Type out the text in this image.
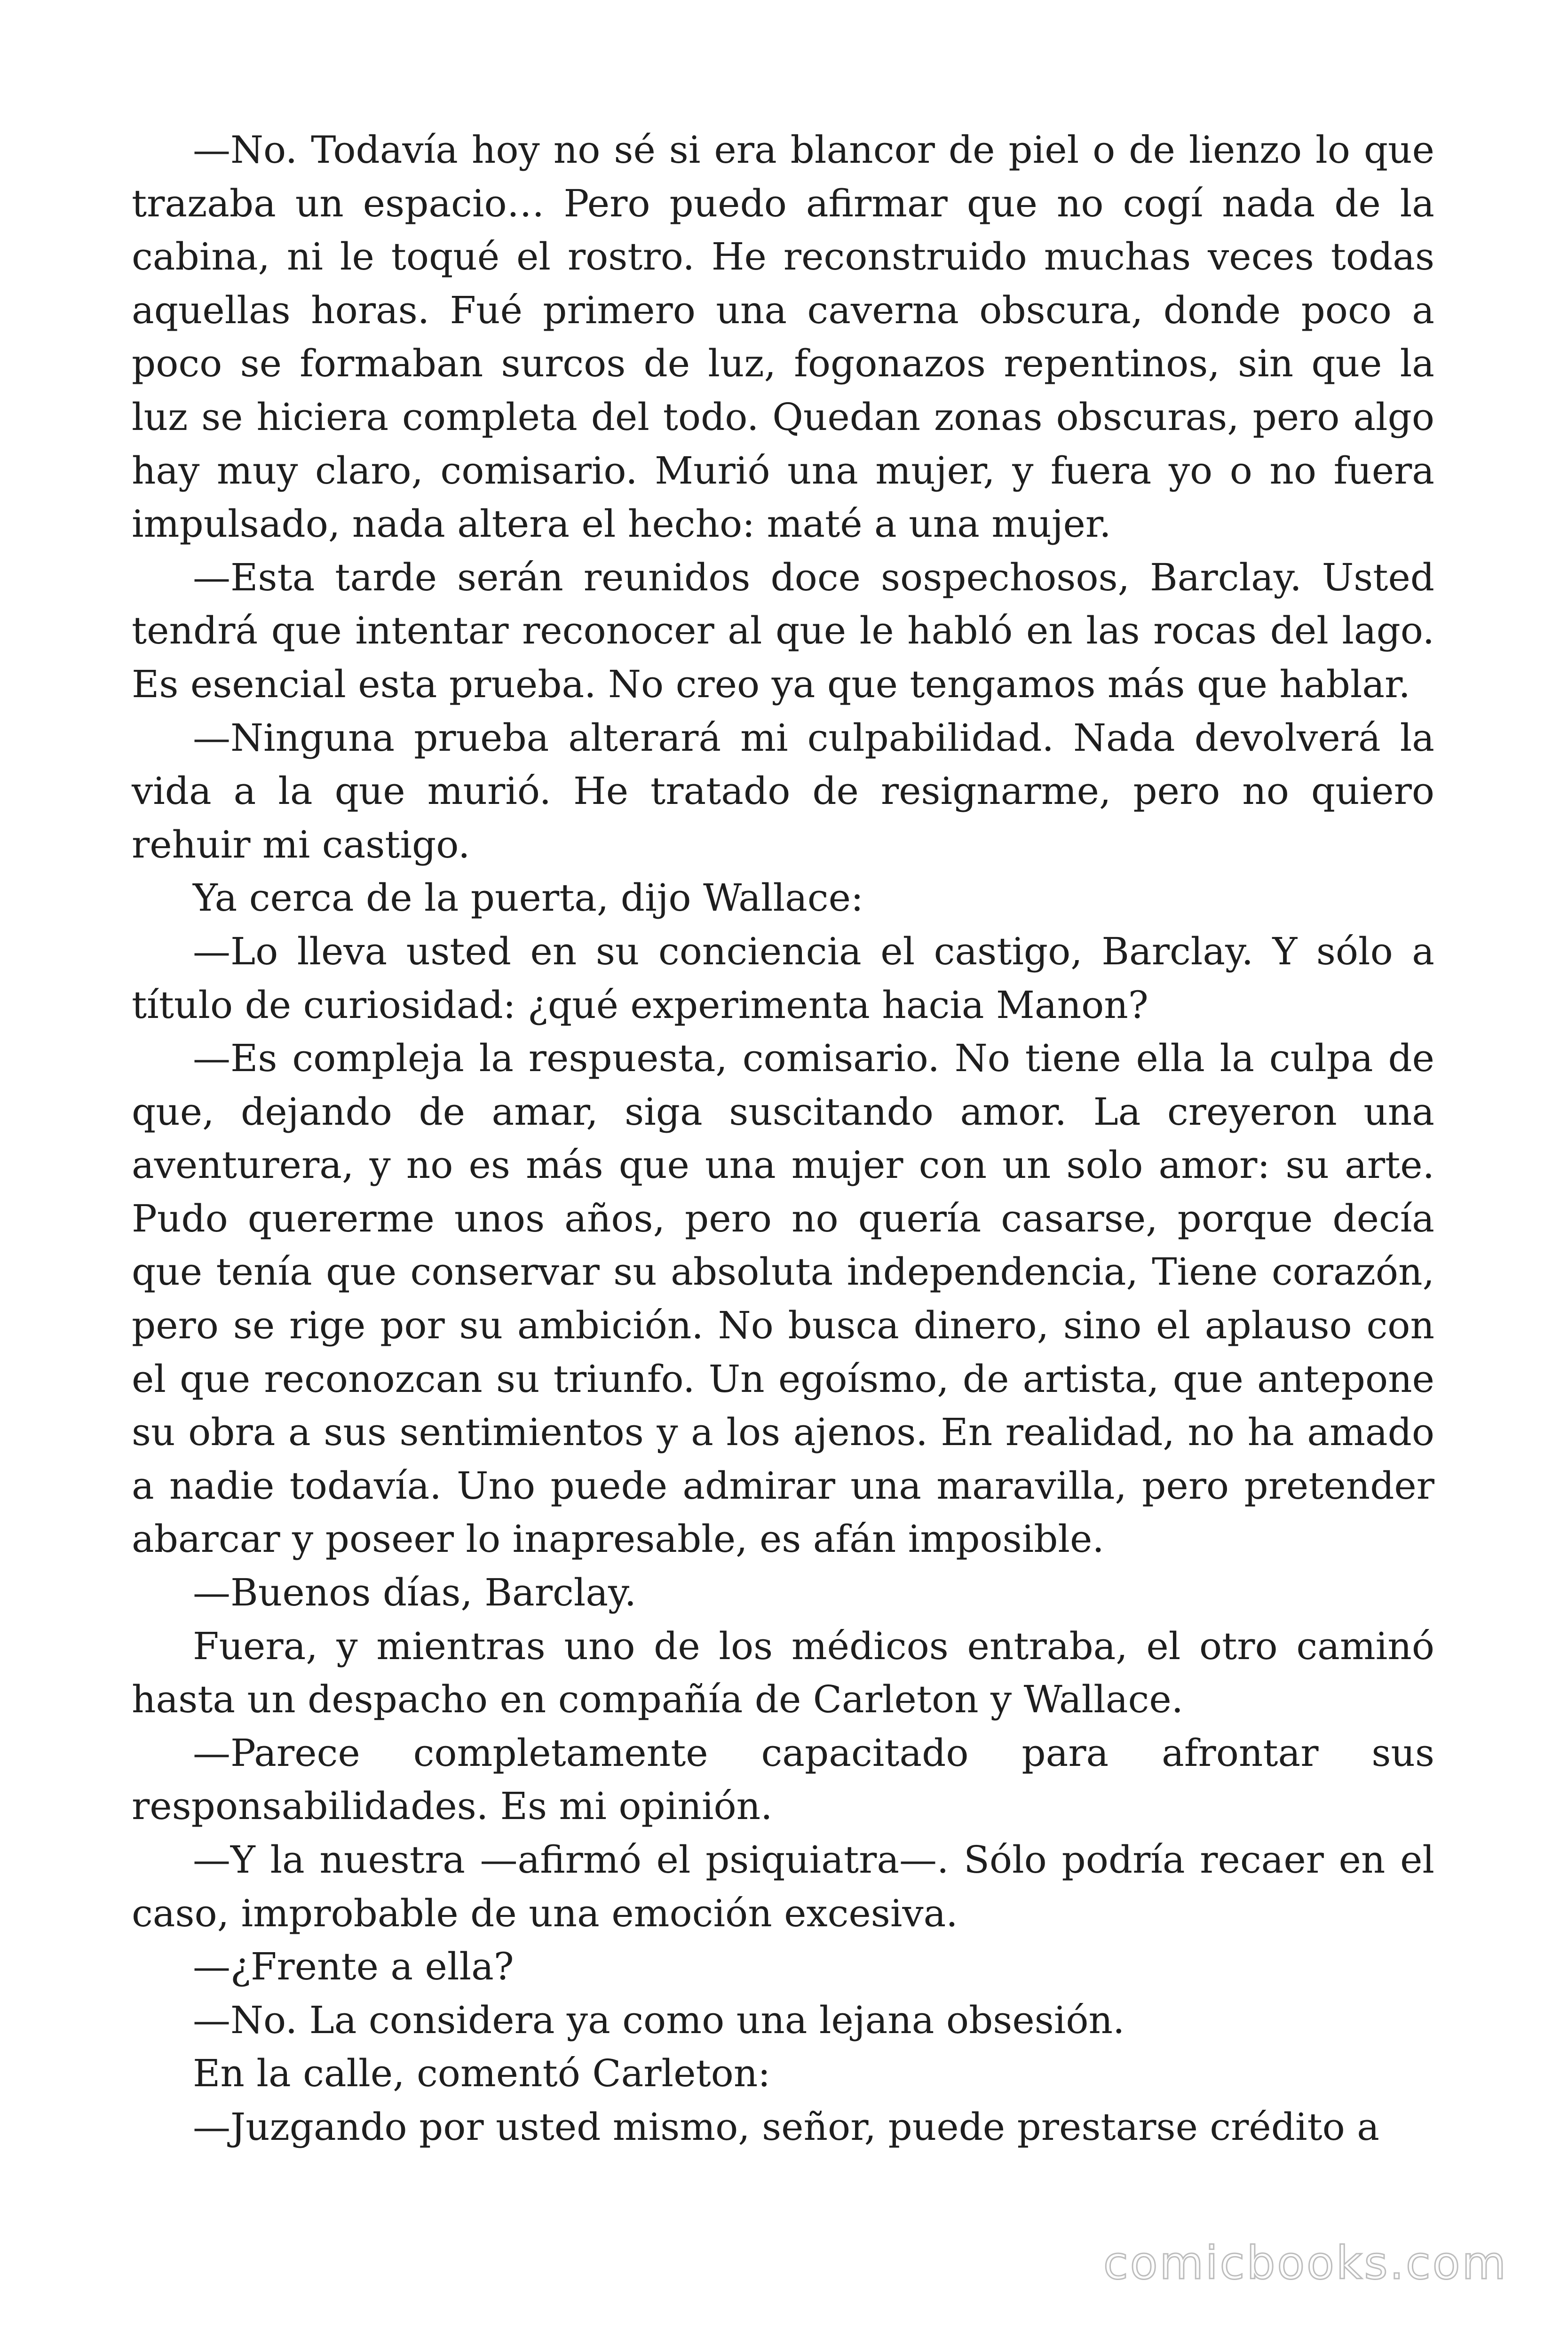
—No. Todavía hoy no sé si era blancor de piel o de lienzo lo que trazaba un espacio… Pero puedo afirmar que no cogí nada de la cabina, ni le toqué el rostro. He reconstruido muchas veces todas aquellas horas. Fué primero una caverna obscura, donde poco a poco se formaban surcos de luz, fogonazos repentinos, sin que la luz se hiciera completa del todo. Quedan zonas obscuras, pero algo hay muy claro, comisario. Murió una mujer, y fuera yo o no fuera impulsado, nada altera el hecho: maté a una mujer.

—Esta tarde serán reunidos doce sospechosos, Barclay. Usted tendrá que intentar reconocer al que le habló en las rocas del lago. Es esencial esta prueba. No creo ya que tengamos más que hablar.

—Ninguna prueba alterará mi culpabilidad. Nada devolverá la vida a la que murió. He tratado de resignarme, pero no quiero rehuir mi castigo.

Ya cerca de la puerta, dijo Wallace:

—Lo lleva usted en su conciencia el castigo, Barclay. Y sólo a título de curiosidad: ¿qué experimenta hacia Manon?

—Es compleja la respuesta, comisario. No tiene ella la culpa de que, dejando de amar, siga suscitando amor. La creyeron una aventurera, y no es más que una mujer con un solo amor: su arte. Pudo quererme unos años, pero no quería casarse, porque decía que tenía que conservar su absoluta independencia, Tiene corazón, pero se rige por su ambición. No busca dinero, sino el aplauso con el que reconozcan su triunfo. Un egoísmo, de artista, que antepone su obra a sus sentimientos y a los ajenos. En realidad, no ha amado a nadie todavía. Uno puede admirar una maravilla, pero pretender abarcar y poseer lo inapresable, es afán imposible.

—Buenos días, Barclay.

Fuera, y mientras uno de los médicos entraba, el otro caminó hasta un despacho en compañía de Carleton y Wallace.

—Parece completamente capacitado para afrontar sus responsabilidades. Es mi opinión.

—Y la nuestra —afirmó el psiquiatra—. Sólo podría recaer en el caso, improbable de una emoción excesiva.

—¿Frente a ella?

—No. La considera ya como una lejana obsesión.

En la calle, comentó Carleton:

—Juzgando por usted mismo, señor, puede prestarse crédito a

comicbooks.com
